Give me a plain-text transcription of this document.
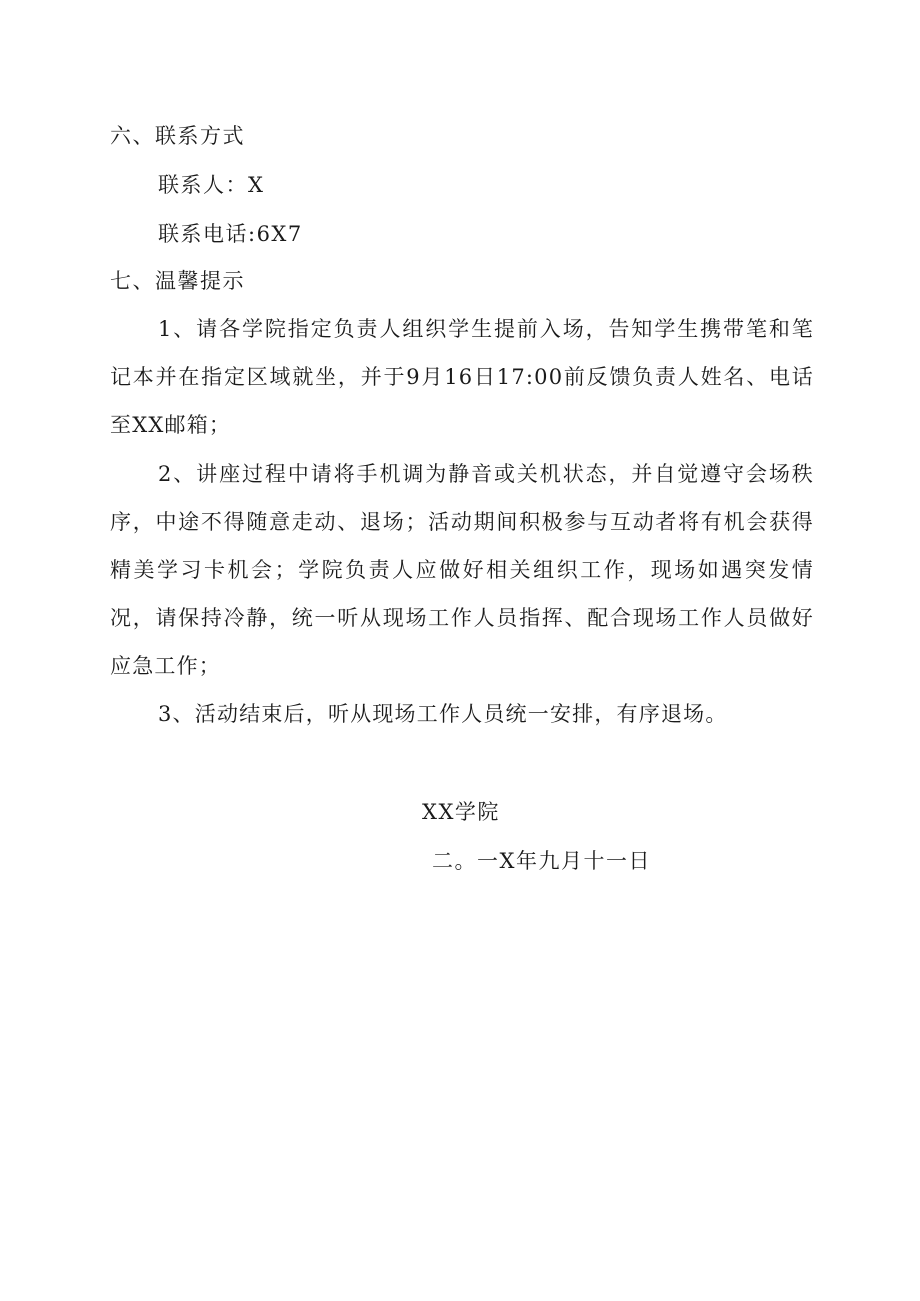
六、联系方式
联系人：X
联系电话:6X7
七、温馨提示
1、请各学院指定负责人组织学生提前入场，告知学生携带笔和笔记本并在指定区域就坐，并于9月16日17:00前反馈负责人姓名、电话至XX邮箱；
2、讲座过程中请将手机调为静音或关机状态，并自觉遵守会场秩序，中途不得随意走动、退场；活动期间积极参与互动者将有机会获得精美学习卡机会；学院负责人应做好相关组织工作，现场如遇突发情况，请保持冷静，统一听从现场工作人员指挥、配合现场工作人员做好应急工作；
3、活动结束后，听从现场工作人员统一安排，有序退场。
XX学院
二。一X年九月十一日
